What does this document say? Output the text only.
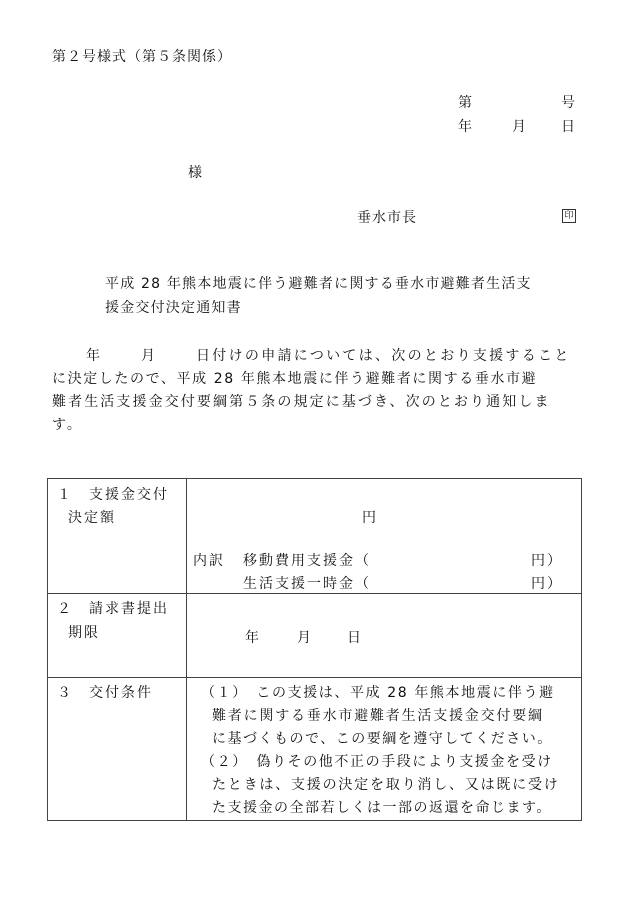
第２号様式（第５条関係）
第	号
年	月	日
様
垂水市長	印
平成 28 年熊本地震に伴う避難者に関する垂水市避難者生活支
援金交付決定通知書
年	月	日付けの申請については、次のとおり支援すること
に決定したので、平成 28 年熊本地震に伴う避難者に関する垂水市避
難者生活支援金交付要綱第５条の規定に基づき、次のとおり通知しま
す。
１　支援金交付
決定額	円
内訳 移動費用支援金（	円）
生活支援一時金（	円）
２　請求書提出
期限	年	月	日
３　交付条件	（１）　この支援は、平成 28 年熊本地震に伴う避
難者に関する垂水市避難者生活支援金交付要綱
に基づくもので、この要綱を遵守してください。
（２）　偽りその他不正の手段により支援金を受け
たときは、支援の決定を取り消し、又は既に受け
た支援金の全部若しくは一部の返還を命じます。
